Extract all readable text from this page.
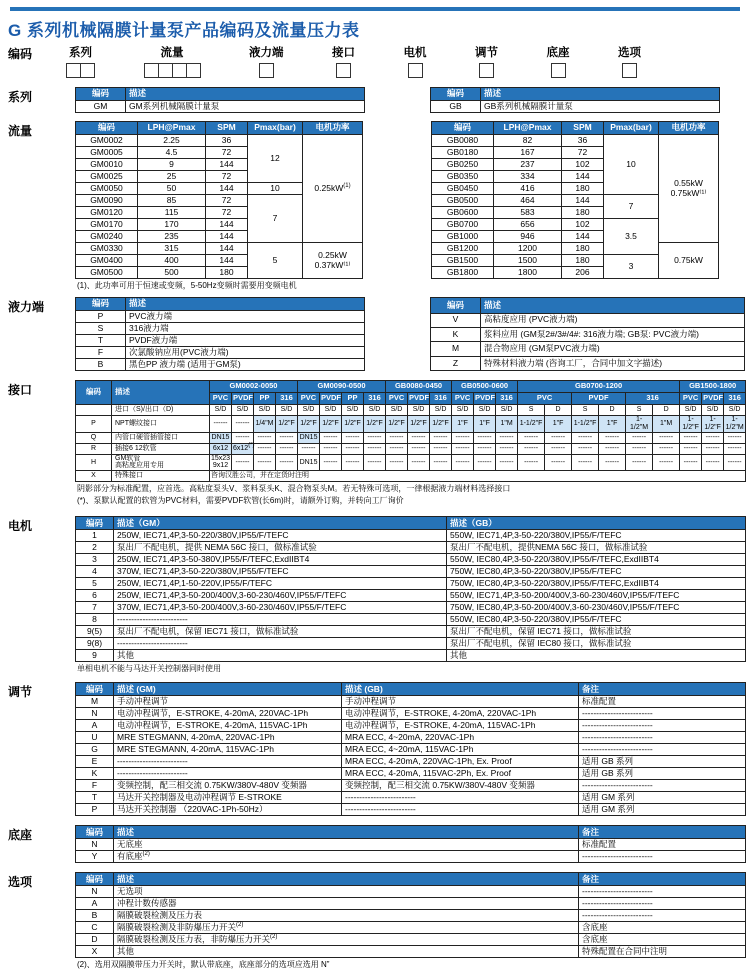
G 系列机械隔膜计量泵产品编码及流量压力表
编码	系列	流量	液力端	接口	电机	调节	底座	选项
系列	编码	描述
GM	GM系列机械隔膜计量泵
编码	描述
GB	GB系列机械隔膜计量泵
流量	编码	LPH@Pmax	SPM	Pmax(bar)	电机功率
GM0002	2.25	36	12	$0.25kW^{(1)}$
GM0005	4.5	72		
GM0010	9	144		
GM0025	25	72		
GM0050	50	144	10	
GM0090	85	72	7	
GM0120	115	72		
GM0170	170	144		
GM0240	235	144		
GM0330	315	144	5	0.25kW
0.37kW⁽¹⁾
GM0400	400	144		
GM0500	500	180		
编码	LPH@Pmax	SPM	Pmax(bar)	电机功率
GB0080	82	36	10	0.55kW
0.75kW⁽¹⁾
GB0180	167	72		
GB0250	237	102		
GB0350	334	144		
GB0450	416	180		
GB0500	464	144	7	
GB0600	583	180		
GB0700	656	102	3.5	
GB1000	946	144		
GB1200	1200	180		0.75kW
GB1500	1500	180	3	
GB1800	1800	206		
(1)、此功率可用于恒速或变频，5-50Hz变频时需要用变频电机
液力端	编码	描述
P	PVC液力端
S	316液力端
T	PVDF液力端
F	次氯酸钠应用(PVC液力端)
B	黑色PP 液力端 (适用于GM泵)
编码	描述
V	高粘度应用 (PVC液力端)
K	浆料应用 (GM泵2#/3#/4#: 316液力端; GB泵: PVC液力端)
M	混合物应用 (GM泵PVC液力端)
Z	特殊材料液力端 (咨询工厂，合同中加文字描述)
接口	编码	描述	GM0002-0050				GM0090-0500				GB0080-0450			GB0500-0600			GB0700-1200						GB1500-1800		
		PVC	PVDF	PP	316	PVC	PVDF	PP	316	PVC	PVDF	316	PVC	PVDF	316	PVC		PVDF		316		PVC	PVDF	316
	进口（S)/出口（D)	S/D	S/D	S/D	S/D	S/D	S/D	S/D	S/D	S/D	S/D	S/D	S/D	S/D	S/D	S	D	S	D	S	D	S/D	S/D	S/D
P	NPT螺纹接口	------	------	1/4"M	1/2"F	1/2"F	1/2"F	1/2"F	1/2"F	1/2"F	1/2"F	1/2"F	1"F	1"F	1"M	1-1/2"F	1"F	1-1/2"F	1"F	1-1/2"M	1"M	1-1/2"F	1-1/2"F	1-1/2"M
Q	内管口硬管插管接口	DN15	------	------	------	DN15	------	------	------	------	------	------	------	------	------	------	------	------	------	------	------	------	------	------
R	插接6 12软管	6x12	6x12(*)	------	------	------	------	------	------	------	------	------	------	------	------	------	------	------	------	------	------	------	------	------
H	GM软管
高粘度应用专用	15x23
9x12	------	------	------	DN15	------	------	------	------	------	------	------	------	------	------	------	------	------	------	------	------	------	------
X	特殊接口	咨询汉胜公司，并在定货时注明																						
阴影部分为标准配置，应首选。高粘度泵头V、浆料泵头K、混合物泵头M。若无特殊可选项，一律根据液力端材料选择接口
(*)、泵默认配置的软管为PVC材料，需要PVDF软管(长6m)时，请额外订购，并转向工厂询价
电机	编码	描述（GM）	描述（GB）
1	250W, IEC71,4P,3-50-220/380V,IP55/F/TEFC	550W, IEC71,4P,3-50-220/380V,IP55/F/TEFC
2	泵出厂不配电机，提供 NEMA 56C 接口，做标准试验	泵出厂不配电机，提供NEMA 56C 接口，做标准试验
3	250W, IEC71,4P,3-50-380V,IP55/F/TEFC,ExdIIBT4	550W, IEC80,4P,3-50-220/380V,IP55/F/TEFC,ExdIIBT4
4	370W, IEC71,4P,3-50-220/380V,IP55/F/TEFC	750W, IEC80,4P,3-50-220/380V,IP55/F/TEFC
5	250W, IEC71,4P,1-50-220V,IP55/F/TEFC	750W, IEC80,4P,3-50-220/380V,IP55/F/TEFC,ExdIIBT4
6	250W, IEC71,4P,3-50-200/400V,3-60-230/460V,IP55/F/TEFC	550W, IEC71,4P,3-50-200/400V,3-60-230/460V,IP55/F/TEFC
7	370W, IEC71,4P,3-50-200/400V,3-60-230/460V,IP55/F/TEFC	750W, IEC80,4P,3-50-200/400V,3-60-230/460V,IP55/F/TEFC
8	-------------------------	550W, IEC80,4P,3-50-220/380V,IP55/F/TEFC
9(5)	泵出厂不配电机，保留 IEC71 接口，做标准试验	泵出厂不配电机，保留 IEC71 接口，做标准试验
9(8)	-------------------------	泵出厂不配电机，保留 IEC80 接口，做标准试验
9	其他	其他
单相电机不能与马达开关控制器同时使用
调节	编码	描述 (GM)	描述 (GB)	备注
M	手动冲程调节	手动冲程调节	标准配置
N	电动冲程调节，E-STROKE, 4-20mA, 220VAC-1Ph	电动冲程调节，E-STROKE, 4-20mA, 220VAC-1Ph	-------------------------
A	电动冲程调节，E-STROKE, 4-20mA, 115VAC-1Ph	电动冲程调节，E-STROKE, 4-20mA, 115VAC-1Ph	-------------------------
U	MRE STEGMANN, 4-20mA, 220VAC-1Ph	MRA ECC, 4~20mA, 220VAC-1Ph	-------------------------
G	MRE STEGMANN, 4-20mA, 115VAC-1Ph	MRA ECC, 4~20mA, 115VAC-1Ph	-------------------------
E	-------------------------	MRA ECC, 4-20mA, 220VAC-1Ph, Ex. Proof	适用 GB 系列
K	-------------------------	MRA ECC, 4-20mA, 115VAC-2Ph, Ex. Proof	适用 GB 系列
F	变频控制，配三相交流 0.75KW/380V-480V 变频器	变频控制，配三相交流 0.75KW/380V-480V 变频器	-------------------------
T	马达开关控制器及电动冲程调节 E-STROKE	-------------------------	适用 GM 系列
P	马达开关控制器 （220VAC-1Ph-50Hz）	-------------------------	适用 GM 系列
底座	编码	描述	备注
N	无底座	标准配置
Y	有底座$^{(2)}$	-------------------------
选项	编码	描述	备注
N	无选项	-------------------------
A	冲程计数传感器	-------------------------
B	隔膜破裂检测及压力表	-------------------------
C	隔膜破裂检测及非防爆压力开关$^{(2)}$	含底座
D	隔膜破裂检测及压力表，非防爆压力开关$^{(2)}$	含底座
X	其他	特殊配置在合同中注明
(2)、选用双隔膜带压力开关时，默认带底座，底座部分的选项应选用 N”
